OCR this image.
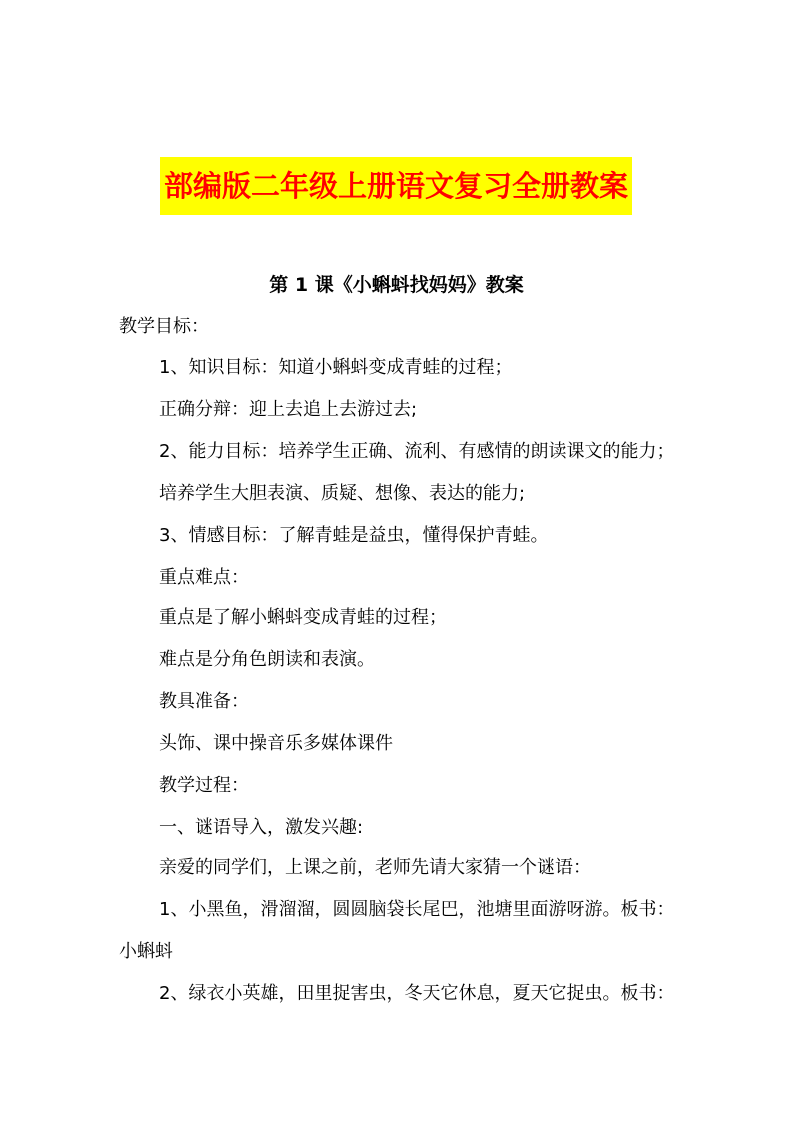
部编版二年级上册语文复习全册教案
第 1 课《小蝌蚪找妈妈》教案
教学目标：
1、知识目标：知道小蝌蚪变成青蛙的过程；
正确分辩：迎上去追上去游过去;
2、能力目标：培养学生正确、流利、有感情的朗读课文的能力；
培养学生大胆表演、质疑、想像、表达的能力;
3、情感目标：了解青蛙是益虫，懂得保护青蛙。
重点难点：
重点是了解小蝌蚪变成青蛙的过程；
难点是分角色朗读和表演。
教具准备：
头饰、课中操音乐多媒体课件
教学过程：
一、谜语导入，激发兴趣:
亲爱的同学们，上课之前，老师先请大家猜一个谜语：
1、小黑鱼，滑溜溜，圆圆脑袋长尾巴，池塘里面游呀游。板书：
小蝌蚪
2、绿衣小英雄，田里捉害虫，冬天它休息，夏天它捉虫。板书：
